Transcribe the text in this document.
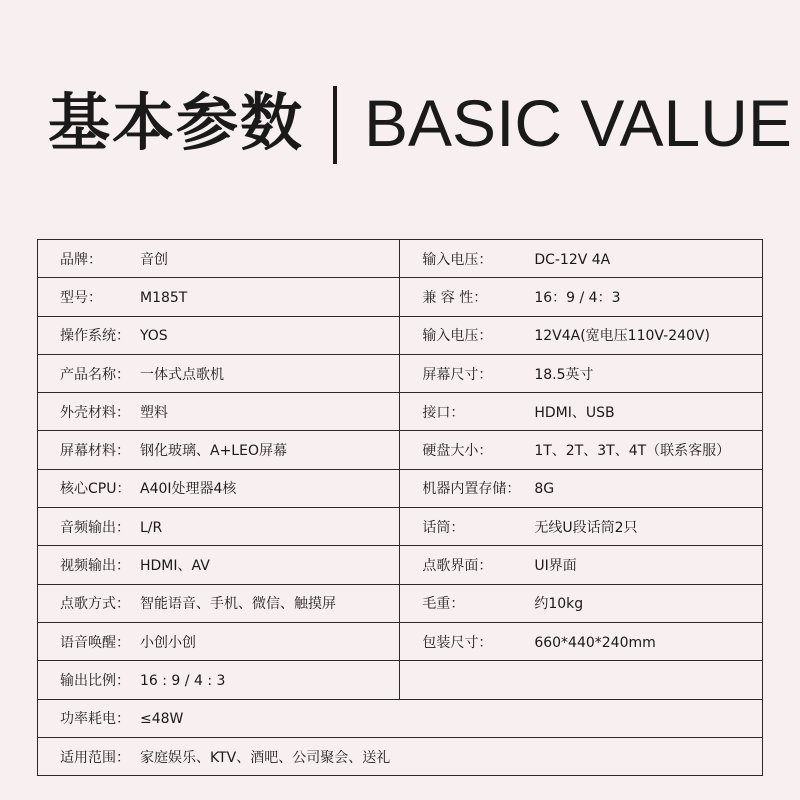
基本参数 BASIC VALUE
品牌： 音创	输入电压： DC-12V 4A
型号： M185T	兼 容 性： 16：9 / 4：3
操作系统： YOS	输入电压： 12V4A(宽电压110V-240V)
产品名称： 一体式点歌机	屏幕尺寸： 18.5英寸
外壳材料： 塑料	接口： HDMI、USB
屏幕材料： 钢化玻璃、A+LEO屏幕	硬盘大小： 1T、2T、3T、4T（联系客服）
核心CPU： A40I处理器4核	机器内置存储： 8G
音频输出： L/R	话筒： 无线U段话筒2只
视频输出： HDMI、AV	点歌界面： UI界面
点歌方式： 智能语音、手机、微信、触摸屏	毛重： 约10kg
语音唤醒： 小创小创	包装尺寸： 660*440*240mm
输出比例： 16 : 9 / 4 : 3	
功率耗电： ≤48W	
适用范围： 家庭娱乐、KTV、酒吧、公司聚会、送礼	
